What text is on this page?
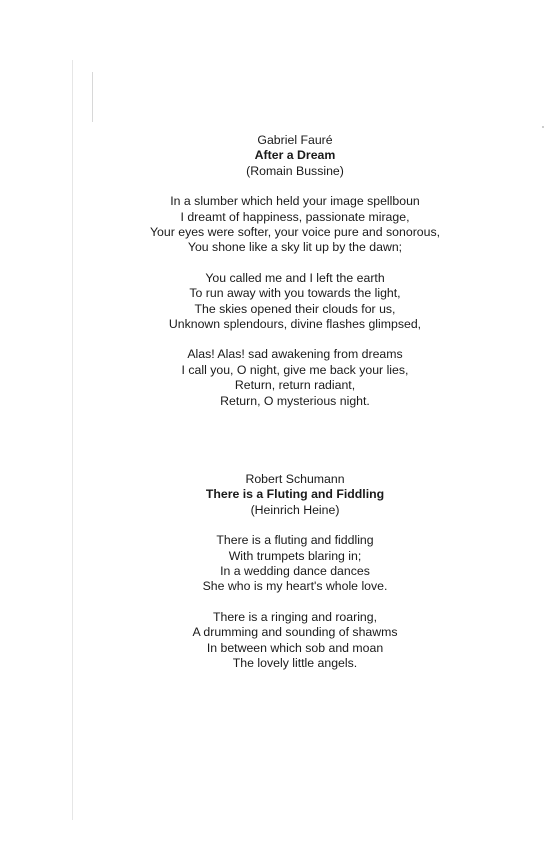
Gabriel Fauré
After a Dream
(Romain Bussine)
In a slumber which held your image spellboun
I dreamt of happiness, passionate mirage,
Your eyes were softer, your voice pure and sonorous,
You shone like a sky lit up by the dawn;
You called me and I left the earth
To run away with you towards the light,
The skies opened their clouds for us,
Unknown splendours, divine flashes glimpsed,
Alas! Alas! sad awakening from dreams
I call you, O night, give me back your lies,
Return, return radiant,
Return, O mysterious night.
Robert Schumann
There is a Fluting and Fiddling
(Heinrich Heine)
There is a fluting and fiddling
With trumpets blaring in;
In a wedding dance dances
She who is my heart's whole love.
There is a ringing and roaring,
A drumming and sounding of shawms
In between which sob and moan
The lovely little angels.
